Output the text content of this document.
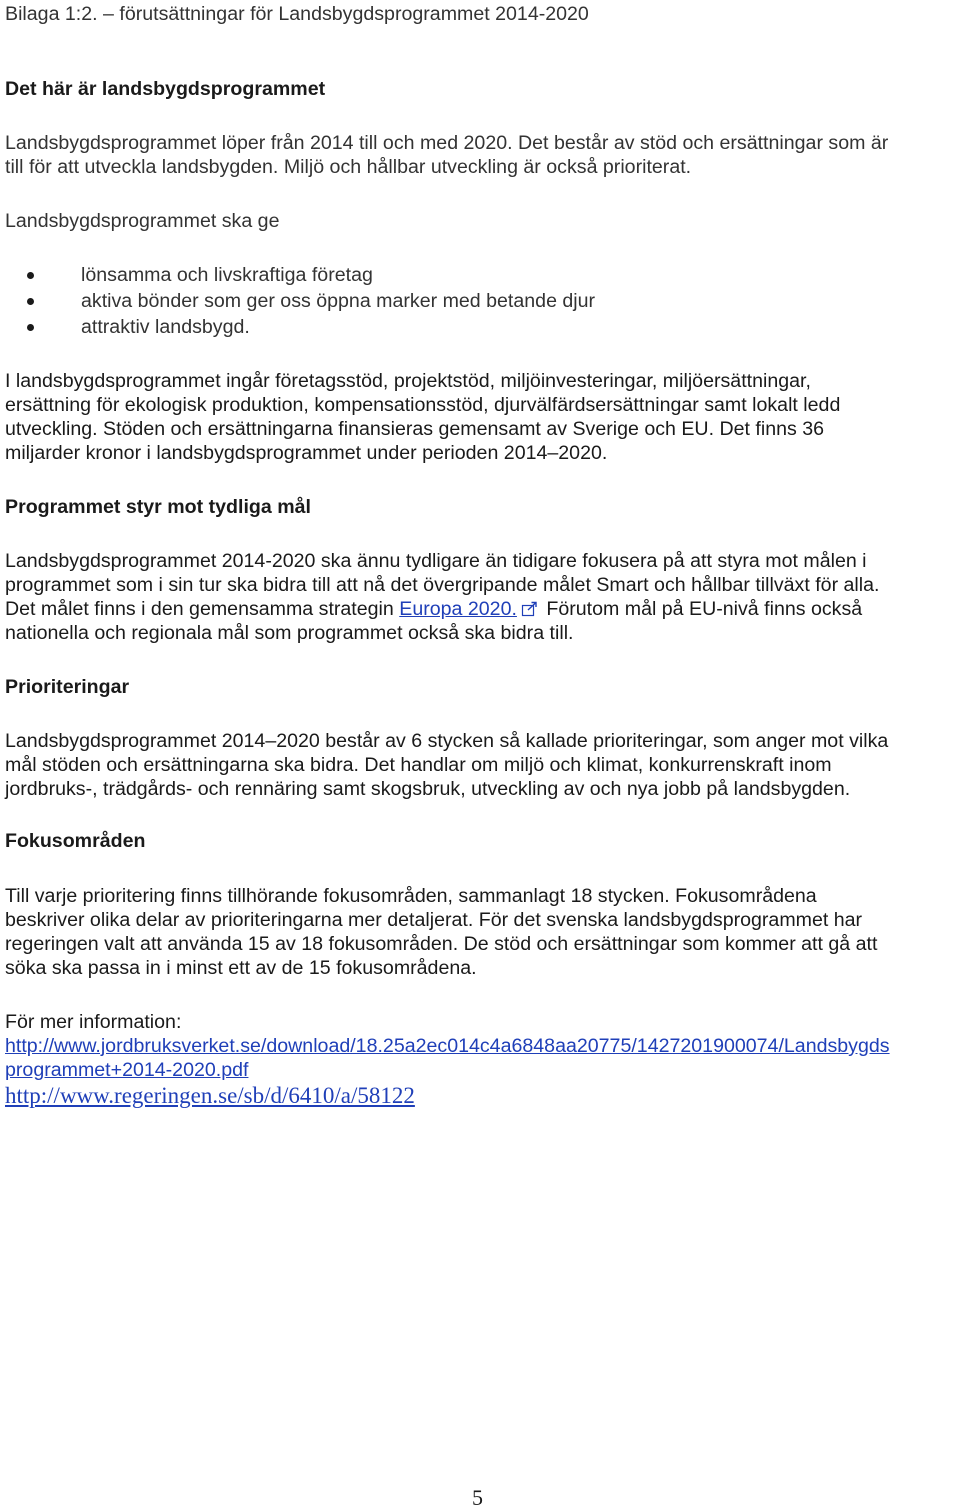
Bilaga 1:2. – förutsättningar för Landsbygdsprogrammet 2014-2020
Det här är landsbygdsprogrammet
Landsbygdsprogrammet löper från 2014 till och med 2020. Det består av stöd och ersättningar som är
till för att utveckla landsbygden. Miljö och hållbar utveckling är också prioriterat.
Landsbygdsprogrammet ska ge
lönsamma och livskraftiga företag
aktiva bönder som ger oss öppna marker med betande djur
attraktiv landsbygd.
I landsbygdsprogrammet ingår företagsstöd, projektstöd, miljöinvesteringar, miljöersättningar,
ersättning för ekologisk produktion, kompensationsstöd, djurvälfärdsersättningar samt lokalt ledd
utveckling. Stöden och ersättningarna finansieras gemensamt av Sverige och EU. Det finns 36
miljarder kronor i landsbygdsprogrammet under perioden 2014–2020.
Programmet styr mot tydliga mål
Landsbygdsprogrammet 2014-2020 ska ännu tydligare än tidigare fokusera på att styra mot målen i
programmet som i sin tur ska bidra till att nå det övergripande målet Smart och hållbar tillväxt för alla.
Det målet finns i den gemensamma strategin Europa 2020.
Förutom mål på EU-nivå finns också
nationella och regionala mål som programmet också ska bidra till.
Prioriteringar
Landsbygdsprogrammet 2014–2020 består av 6 stycken så kallade prioriteringar, som anger mot vilka
mål stöden och ersättningarna ska bidra. Det handlar om miljö och klimat, konkurrenskraft inom
jordbruks-, trädgårds- och rennäring samt skogsbruk, utveckling av och nya jobb på landsbygden.
Fokusområden
Till varje prioritering finns tillhörande fokusområden, sammanlagt 18 stycken. Fokusområdena
beskriver olika delar av prioriteringarna mer detaljerat. För det svenska landsbygdsprogrammet har
regeringen valt att använda 15 av 18 fokusområden. De stöd och ersättningar som kommer att gå att
söka ska passa in i minst ett av de 15 fokusområdena.
För mer information:
http://www.jordbruksverket.se/download/18.25a2ec014c4a6848aa20775/1427201900074/Landsbygds
programmet+2014-2020.pdf
http://www.regeringen.se/sb/d/6410/a/58122
5
